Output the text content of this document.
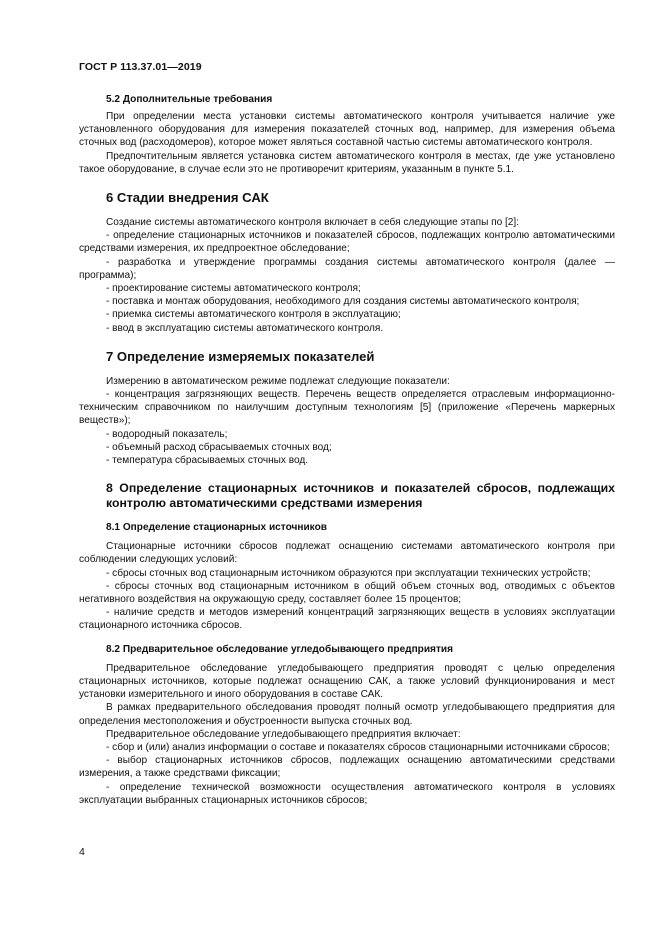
ГОСТ Р 113.37.01—2019

5.2 Дополнительные требования

При определении места установки системы автоматического контроля учитывается наличие уже установленного оборудования для измерения показателей сточных вод, например, для измерения объема сточных вод (расходомеров), которое может являться составной частью системы автоматического контроля.

Предпочтительным является установка систем автоматического контроля в местах, где уже установлено такое оборудование, в случае если это не противоречит критериям, указанным в пункте 5.1.

6 Стадии внедрения САК

Создание системы автоматического контроля включает в себя следующие этапы по [2]:

- определение стационарных источников и показателей сбросов, подлежащих контролю автоматическими средствами измерения, их предпроектное обследование;

- разработка и утверждение программы создания системы автоматического контроля (далее — программа);

- проектирование системы автоматического контроля;

- поставка и монтаж оборудования, необходимого для создания системы автоматического контроля;

- приемка системы автоматического контроля в эксплуатацию;

- ввод в эксплуатацию системы автоматического контроля.

7 Определение измеряемых показателей

Измерению в автоматическом режиме подлежат следующие показатели:

- концентрация загрязняющих веществ. Перечень веществ определяется отраслевым информационно-техническим справочником по наилучшим доступным технологиям [5] (приложение «Перечень маркерных веществ»);

- водородный показатель;

- объемный расход сбрасываемых сточных вод;

- температура сбрасываемых сточных вод.

8 Определение стационарных источников и показателей сбросов, подлежащих контролю автоматическими средствами измерения

8.1 Определение стационарных источников

Стационарные источники сбросов подлежат оснащению системами автоматического контроля при соблюдении следующих условий:

- сбросы сточных вод стационарным источником образуются при эксплуатации технических устройств;

- сбросы сточных вод стационарным источником в общий объем сточных вод, отводимых с объектов негативного воздействия на окружающую среду, составляет более 15 процентов;

- наличие средств и методов измерений концентраций загрязняющих веществ в условиях эксплуатации стационарного источника сбросов.

8.2 Предварительное обследование угледобывающего предприятия

Предварительное обследование угледобывающего предприятия проводят с целью определения стационарных источников, которые подлежат оснащению САК, а также условий функционирования и мест установки измерительного и иного оборудования в составе САК.

В рамках предварительного обследования проводят полный осмотр угледобывающего предприятия для определения местоположения и обустроенности выпуска сточных вод.

Предварительное обследование угледобывающего предприятия включает:

- сбор и (или) анализ информации о составе и показателях сбросов стационарными источниками сбросов;

- выбор стационарных источников сбросов, подлежащих оснащению автоматическими средствами измерения, а также средствами фиксации;

- определение технической возможности осуществления автоматического контроля в условиях эксплуатации выбранных стационарных источников сбросов;

4
